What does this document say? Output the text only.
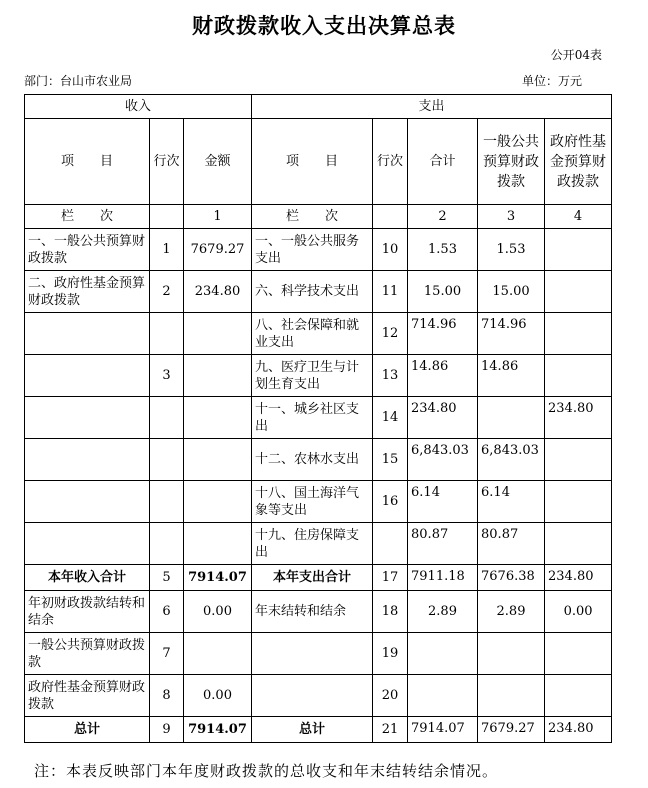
财政拨款收入支出决算总表
公开04表
部门：台山市农业局	单位：万元
收入			支出				
项　　目	行次	金额	项　　目	行次	合计	一般公共预算财政拨款	政府性基金预算财政拨款
栏　　次		1	栏　　次		2	3	4
一、一般公共预算财政拨款	1	7679.27	一、一般公共服务支出	10	1.53	1.53	
二、政府性基金预算财政拨款	2	234.80	六、科学技术支出	11	15.00	15.00	
			八、社会保障和就业支出	12	714.96	714.96	
	3		九、医疗卫生与计划生育支出	13	14.86	14.86	
			十一、城乡社区支出	14	234.80		234.80
			十二、农林水支出	15	6,843.03	6,843.03	
			十八、国土海洋气象等支出	16	6.14	6.14	
			十九、住房保障支出		80.87	80.87	
本年收入合计	5	7914.07	本年支出合计	17	7911.18	7676.38	234.80
年初财政拨款结转和结余	6	0.00	年末结转和结余	18	2.89	2.89	0.00
一般公共预算财政拨款	7			19			
政府性基金预算财政拨款	8	0.00		20			
总计	9	7914.07	总计	21	7914.07	7679.27	234.80
注：本表反映部门本年度财政拨款的总收支和年末结转结余情况。
